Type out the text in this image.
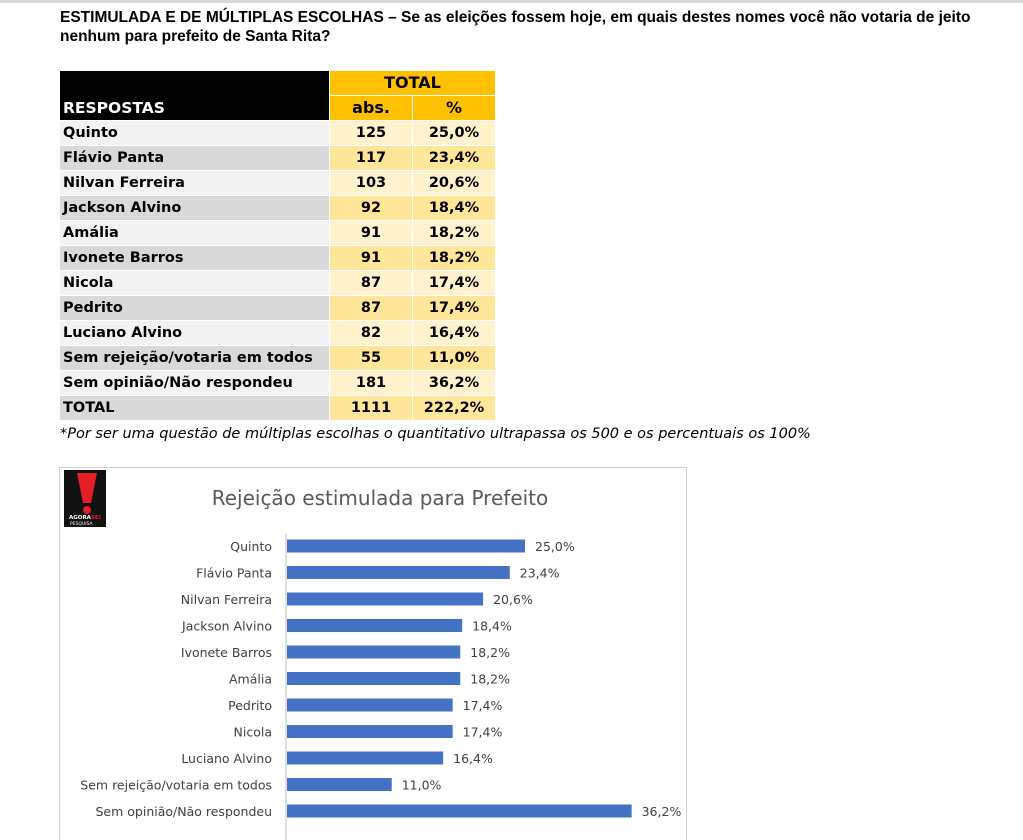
ESTIMULADA E DE MÚLTIPLAS ESCOLHAS – Se as eleições fossem hoje, em quais destes nomes você não votaria de jeito nenhum para prefeito de Santa Rita?
RESPOSTAS
TOTAL
abs.	%
Quinto	125	25,0%
Flávio Panta	117	23,4%
Nilvan Ferreira	103	20,6%
Jackson Alvino	92	18,4%
Amália	91	18,2%
Ivonete Barros	91	18,2%
Nicola	87	17,4%
Pedrito	87	17,4%
Luciano Alvino	82	16,4%
Sem rejeição/votaria em todos	55	11,0%
Sem opinião/Não respondeu	181	36,2%
TOTAL	1111	222,2%
*Por ser uma questão de múltiplas escolhas o quantitativo ultrapassa os 500 e os percentuais os 100%
AGORA SEI
PESQUISA
Rejeição estimulada para Prefeito
Quinto	25,0%
Flávio Panta	23,4%
Nilvan Ferreira	20,6%
Jackson Alvino	18,4%
Ivonete Barros	18,2%
Amália	18,2%
Pedrito	17,4%
Nicola	17,4%
Luciano Alvino	16,4%
Sem rejeição/votaria em todos	11,0%
Sem opinião/Não respondeu	36,2%
